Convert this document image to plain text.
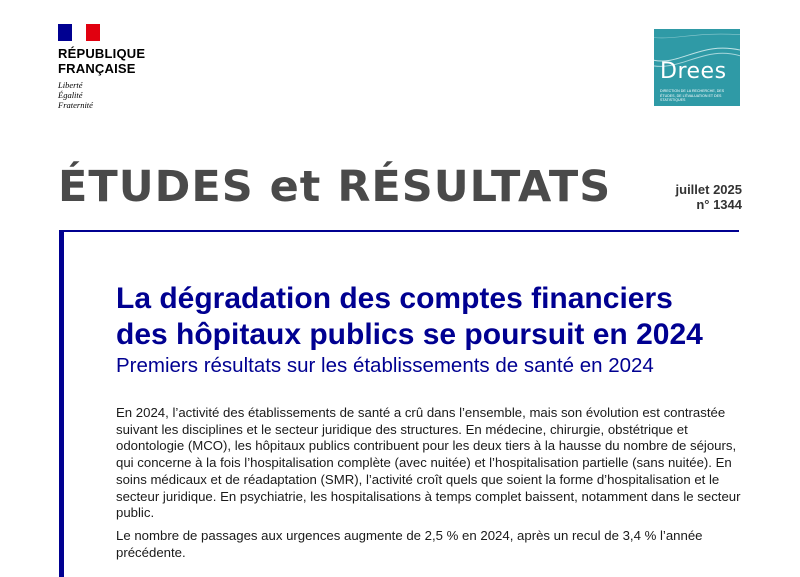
RÉPUBLIQUE
FRANÇAISE
Liberté
Égalité
Fraternité
Drees
DIRECTION DE LA RECHERCHE, DES ÉTUDES, DE L'ÉVALUATION ET DES STATISTIQUES
ÉTUDES et RÉSULTATS	juillet 2025
n° 1344
La dégradation des comptes financiers
des hôpitaux publics se poursuit en 2024

Premiers résultats sur les établissements de santé en 2024

En 2024, l’activité des établissements de santé a crû dans l’ensemble, mais son évolution est contrastée suivant les disciplines et le secteur juridique des structures. En médecine, chirurgie, obstétrique et odontologie (MCO), les hôpitaux publics contribuent pour les deux tiers à la hausse du nombre de séjours, qui concerne à la fois l’hospitalisation complète (avec nuitée) et l’hospitalisation partielle (sans nuitée). En soins médicaux et de réadaptation (SMR), l’activité croît quels que soient la forme d’hospitalisation et le secteur juridique. En psychiatrie, les hospitalisations à temps complet baissent, notamment dans le secteur public.

Le nombre de passages aux urgences augmente de 2,5 % en 2024, après un recul de 3,4 % l’année précédente.
